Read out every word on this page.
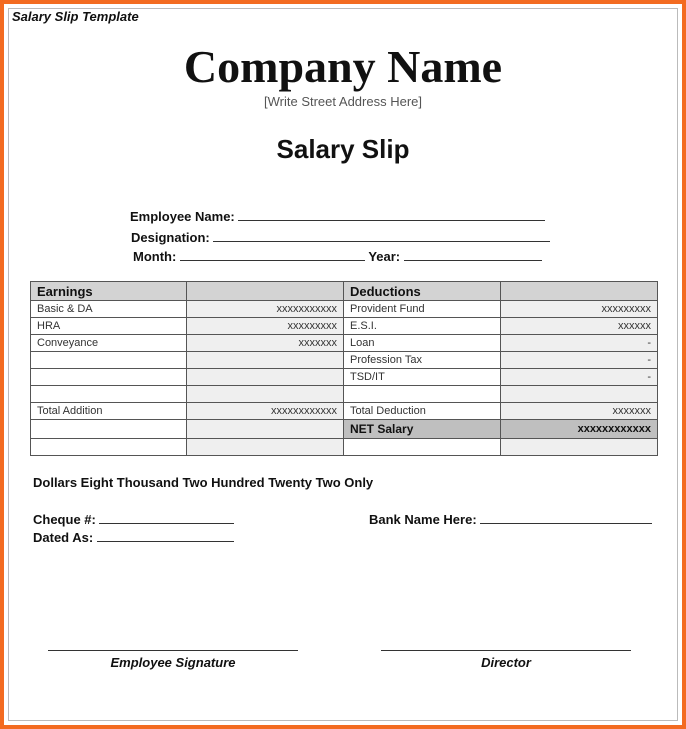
Salary Slip Template
Company Name
[Write Street Address Here]
Salary Slip
Employee Name:
Designation:
Month:	Year:
Earnings		Deductions	
Basic & DA	xxxxxxxxxxx	Provident Fund	xxxxxxxxx
HRA	xxxxxxxxx	E.S.I.	xxxxxx
Conveyance	xxxxxxx	Loan	-
		Profession Tax	-
		TSD/IT	-

Total Addition	xxxxxxxxxxxx	Total Deduction	xxxxxxx
		NET Salary	xxxxxxxxxxxx

Dollars Eight Thousand Two Hundred Twenty Two Only
Cheque #:
Dated As:
Bank Name Here:
Employee Signature	Director
